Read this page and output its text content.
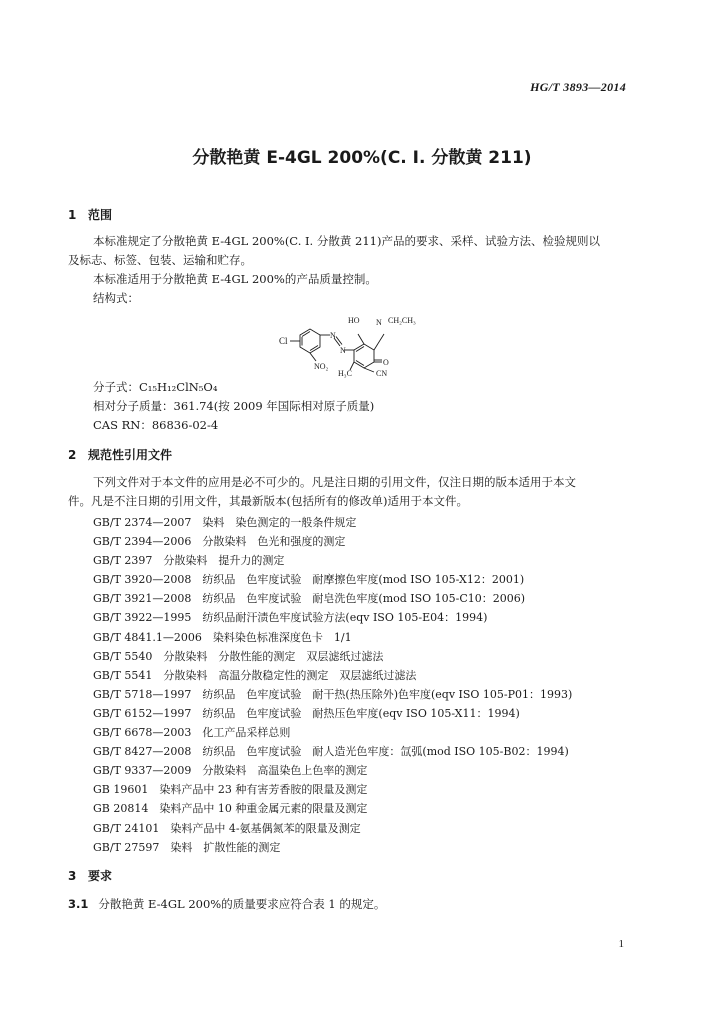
HG/T 3893—2014
分散艳黄 E-4GL 200%(C. I. 分散黄 211)
1 范围
本标准规定了分散艳黄 E-4GL 200%(C. I. 分散黄 211)产品的要求、采样、试验方法、检验规则以
及标志、标签、包装、运输和贮存。
本标准适用于分散艳黄 E-4GL 200%的产品质量控制。
结构式：
Cl
N
N
HO N CH₂CH₃
O
NO₂
H₃C	CN
分子式：C₁₅H₁₂ClN₅O₄
相对分子质量：361.74(按 2009 年国际相对原子质量)
CAS RN：86836-02-4
2 规范性引用文件
下列文件对于本文件的应用是必不可少的。凡是注日期的引用文件，仅注日期的版本适用于本文
件。凡是不注日期的引用文件，其最新版本(包括所有的修改单)适用于本文件。
GB/T 2374—2007　 染料　染色测定的一般条件规定
GB/T 2394—2006　 分散染料　色光和强度的测定
GB/T 2397　 分散染料　提升力的测定
GB/T 3920—2008　 纺织品　色牢度试验　耐摩擦色牢度(mod ISO 105-X12：2001)
GB/T 3921—2008　 纺织品　色牢度试验　耐皂洗色牢度(mod ISO 105-C10：2006)
GB/T 3922—1995　 纺织品耐汗渍色牢度试验方法(eqv ISO 105-E04：1994)
GB/T 4841.1—2006　 染料染色标准深度色卡　1/1
GB/T 5540　 分散染料　分散性能的测定　双层滤纸过滤法
GB/T 5541　 分散染料　高温分散稳定性的测定　双层滤纸过滤法
GB/T 5718—1997　 纺织品　色牢度试验　耐干热(热压除外)色牢度(eqv ISO 105-P01：1993)
GB/T 6152—1997　 纺织品　色牢度试验　耐热压色牢度(eqv ISO 105-X11：1994)
GB/T 6678—2003　 化工产品采样总则
GB/T 8427—2008　 纺织品　色牢度试验　耐人造光色牢度：氙弧(mod ISO 105-B02：1994)
GB/T 9337—2009　 分散染料　高温染色上色率的测定
GB 19601　 染料产品中 23 种有害芳香胺的限量及测定
GB 20814　 染料产品中 10 种重金属元素的限量及测定
GB/T 24101　 染料产品中 4-氨基偶氮苯的限量及测定
GB/T 27597　 染料　扩散性能的测定
3 要求
3.1 分散艳黄 E-4GL 200%的质量要求应符合表 1 的规定。
1
